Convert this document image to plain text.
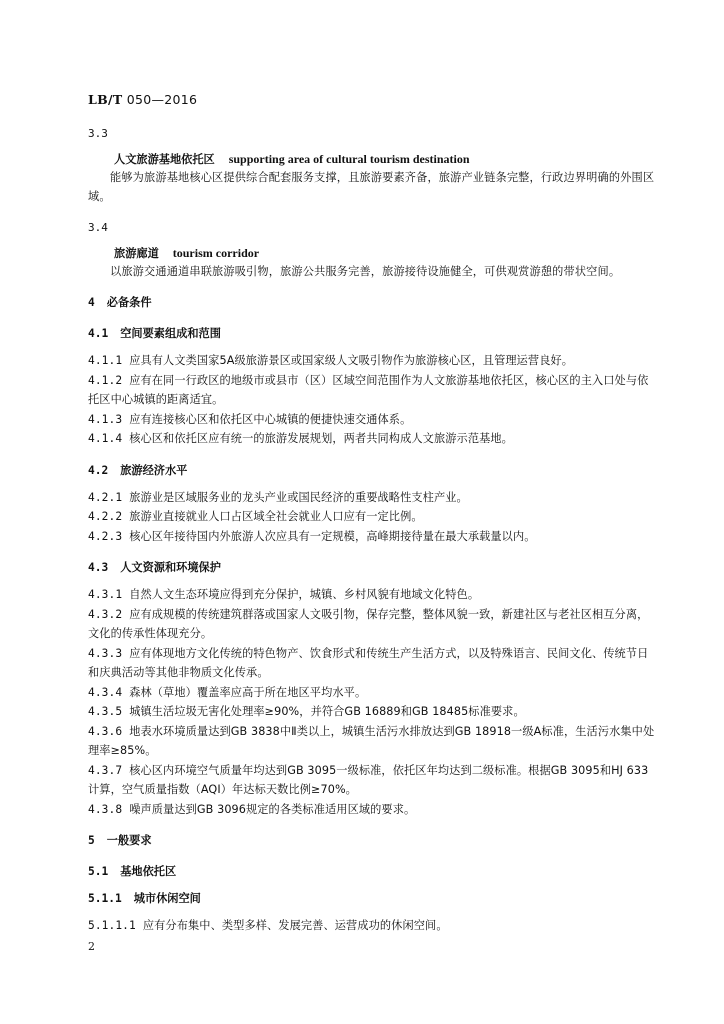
LB/T 050—2016
3.3
人文旅游基地依托区 supporting area of cultural tourism destination
能够为旅游基地核心区提供综合配套服务支撑，且旅游要素齐备，旅游产业链条完整，行政边界明确的外围区域。
3.4
旅游廊道 tourism corridor
以旅游交通通道串联旅游吸引物，旅游公共服务完善，旅游接待设施健全，可供观赏游憩的带状空间。
4 必备条件
4.1 空间要素组成和范围
4.1.1 应具有人文类国家5A级旅游景区或国家级人文吸引物作为旅游核心区，且管理运营良好。
4.1.2 应有在同一行政区的地级市或县市（区）区域空间范围作为人文旅游基地依托区，核心区的主入口处与依托区中心城镇的距离适宜。
4.1.3 应有连接核心区和依托区中心城镇的便捷快速交通体系。
4.1.4 核心区和依托区应有统一的旅游发展规划，两者共同构成人文旅游示范基地。
4.2 旅游经济水平
4.2.1 旅游业是区域服务业的龙头产业或国民经济的重要战略性支柱产业。
4.2.2 旅游业直接就业人口占区域全社会就业人口应有一定比例。
4.2.3 核心区年接待国内外旅游人次应具有一定规模，高峰期接待量在最大承载量以内。
4.3 人文资源和环境保护
4.3.1 自然人文生态环境应得到充分保护，城镇、乡村风貌有地域文化特色。
4.3.2 应有成规模的传统建筑群落或国家人文吸引物，保存完整，整体风貌一致，新建社区与老社区相互分离，文化的传承性体现充分。
4.3.3 应有体现地方文化传统的特色物产、饮食形式和传统生产生活方式，以及特殊语言、民间文化、传统节日和庆典活动等其他非物质文化传承。
4.3.4 森林（草地）覆盖率应高于所在地区平均水平。
4.3.5 城镇生活垃圾无害化处理率≥90%，并符合GB 16889和GB 18485标准要求。
4.3.6 地表水环境质量达到GB 3838中Ⅱ类以上，城镇生活污水排放达到GB 18918一级A标准，生活污水集中处理率≥85%。
4.3.7 核心区内环境空气质量年均达到GB 3095一级标准，依托区年均达到二级标准。根据GB 3095和HJ 633计算，空气质量指数（AQI）年达标天数比例≥70%。
4.3.8 噪声质量达到GB 3096规定的各类标准适用区域的要求。
5 一般要求
5.1 基地依托区
5.1.1 城市休闲空间
5.1.1.1 应有分布集中、类型多样、发展完善、运营成功的休闲空间。
2
